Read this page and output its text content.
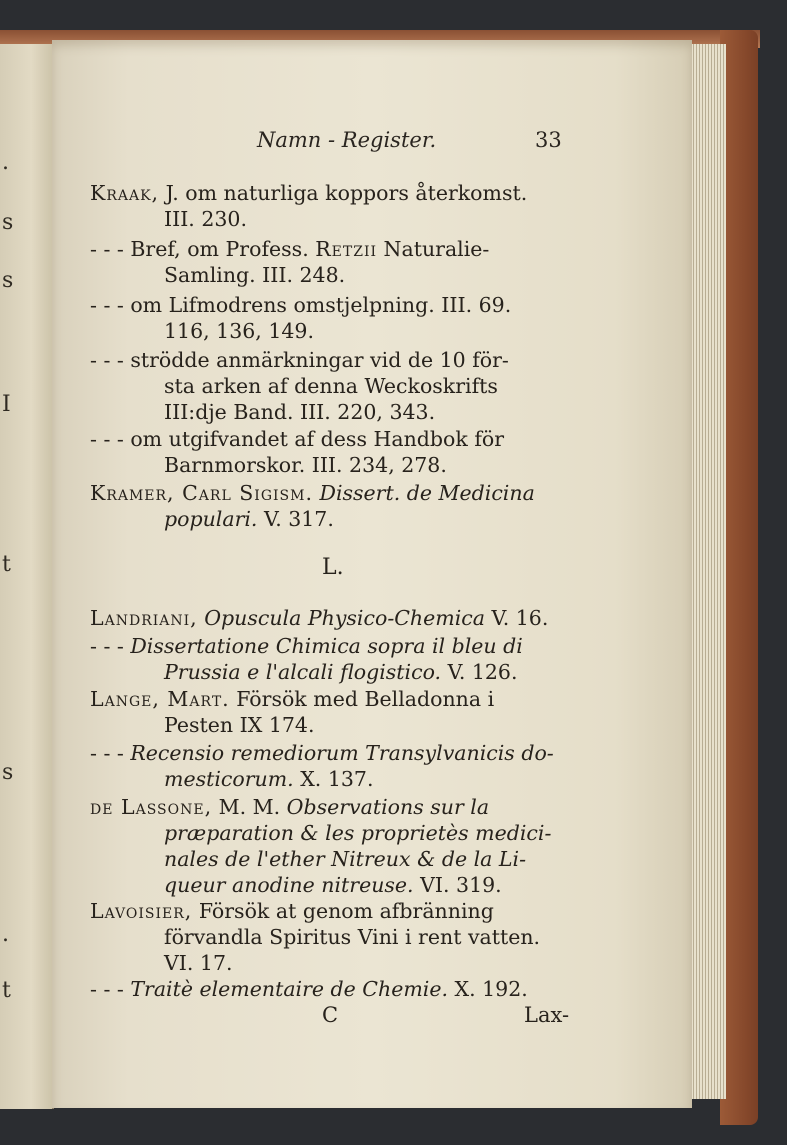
.
s
s
I
t
s
.
t
Namn - Register.	33
Kraak, J. om naturliga koppors återkomst.
III. 230.
- - - Bref, om Profess. Retzii Naturalie-
Samling. III. 248.
- - - om Lifmodrens omstjelpning. III. 69.
116, 136, 149.
- - - strödde anmärkningar vid de 10 för-
sta arken af denna Weckoskrifts
III:dje Band. III. 220, 343.
- - - om utgifvandet af dess Handbok för
Barnmorskor. III. 234, 278.
Kramer, Carl Sigism. Dissert. de Medicina
populari. V. 317.
L.
Landriani, Opuscula Physico-Chemica V. 16.
- - - Dissertatione Chimica sopra il bleu di
Prussia e l'alcali flogistico. V. 126.
Lange, Mart. Försök med Belladonna i
Pesten IX 174.
- - - Recensio remediorum Transylvanicis do-
mesticorum. X. 137.
de Lassone, M. M. Observations sur la
præparation & les proprietès medici-
nales de l'ether Nitreux & de la Li-
queur anodine nitreuse. VI. 319.
Lavoisier, Försök at genom afbränning
förvandla Spiritus Vini i rent vatten.
VI. 17.
- - - Traitè elementaire de Chemie. X. 192.
C	Lax-
